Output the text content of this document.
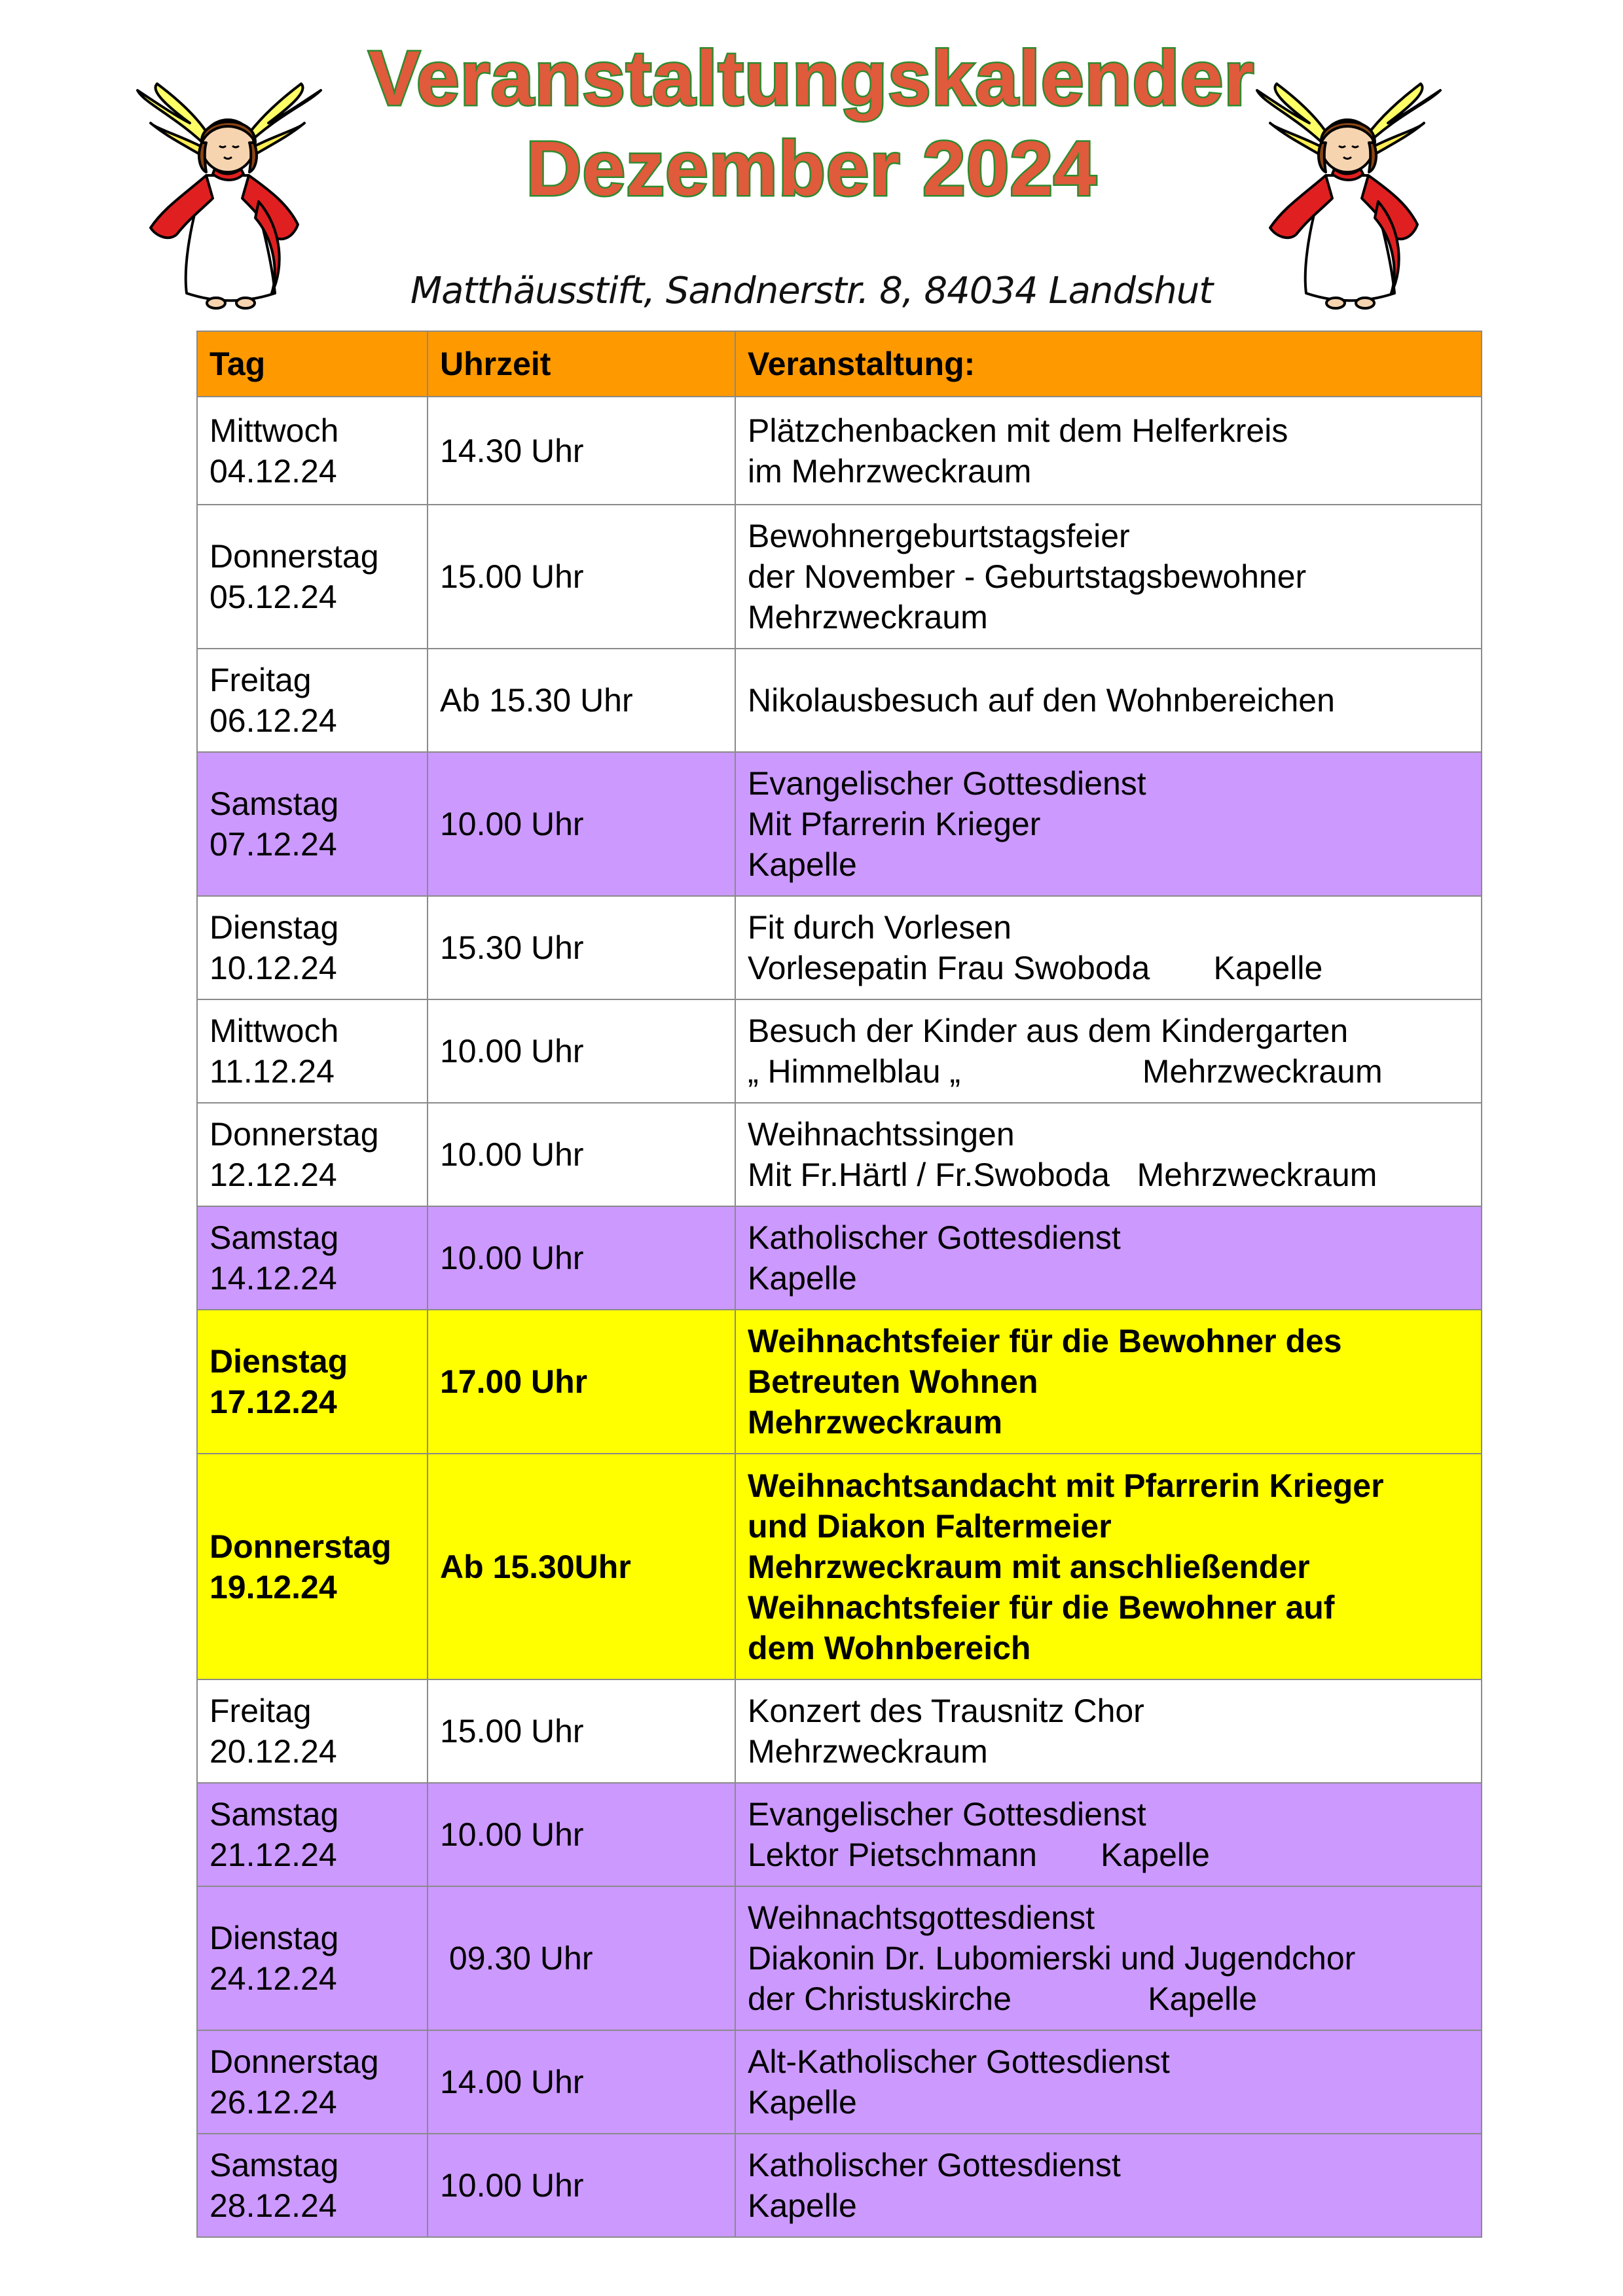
Veranstaltungskalender
Dezember 2024
Matthäusstift, Sandnerstr. 8, 84034 Landshut
Tag	Uhrzeit	Veranstaltung:

Mittwoch
04.12.24	14.30 Uhr	Plätzchenbacken mit dem Helferkreis
im Mehrzweckraum

Donnerstag
05.12.24	15.00 Uhr	Bewohnergeburtstagsfeier
der November - Geburtstagsbewohner
Mehrzweckraum

Freitag
06.12.24	Ab 15.30 Uhr	Nikolausbesuch auf den Wohnbereichen

Samstag
07.12.24	10.00 Uhr	Evangelischer Gottesdienst
Mit Pfarrerin Krieger
Kapelle

Dienstag
10.12.24	15.30 Uhr	Fit durch Vorlesen
Vorlesepatin Frau Swoboda       Kapelle

Mittwoch
11.12.24	10.00 Uhr	Besuch der Kinder aus dem Kindergarten
„ Himmelblau „                    Mehrzweckraum

Donnerstag
12.12.24	10.00 Uhr	Weihnachtssingen
Mit Fr.Härtl / Fr.Swoboda   Mehrzweckraum

Samstag
14.12.24	10.00 Uhr	Katholischer Gottesdienst
Kapelle

Dienstag
17.12.24	17.00 Uhr	Weihnachtsfeier für die Bewohner des
Betreuten Wohnen
Mehrzweckraum

Donnerstag
19.12.24	Ab 15.30Uhr	Weihnachtsandacht mit Pfarrerin Krieger
und Diakon Faltermeier
Mehrzweckraum mit anschließender
Weihnachtsfeier für die Bewohner auf
dem Wohnbereich

Freitag
20.12.24	15.00 Uhr	Konzert des Trausnitz Chor
Mehrzweckraum

Samstag
21.12.24	10.00 Uhr	Evangelischer Gottesdienst
Lektor Pietschmann       Kapelle

Dienstag
24.12.24	09.30 Uhr	Weihnachtsgottesdienst
Diakonin Dr. Lubomierski und Jugendchor
der Christuskirche               Kapelle

Donnerstag
26.12.24	14.00 Uhr	Alt-Katholischer Gottesdienst
Kapelle

Samstag
28.12.24	10.00 Uhr	Katholischer Gottesdienst
Kapelle
